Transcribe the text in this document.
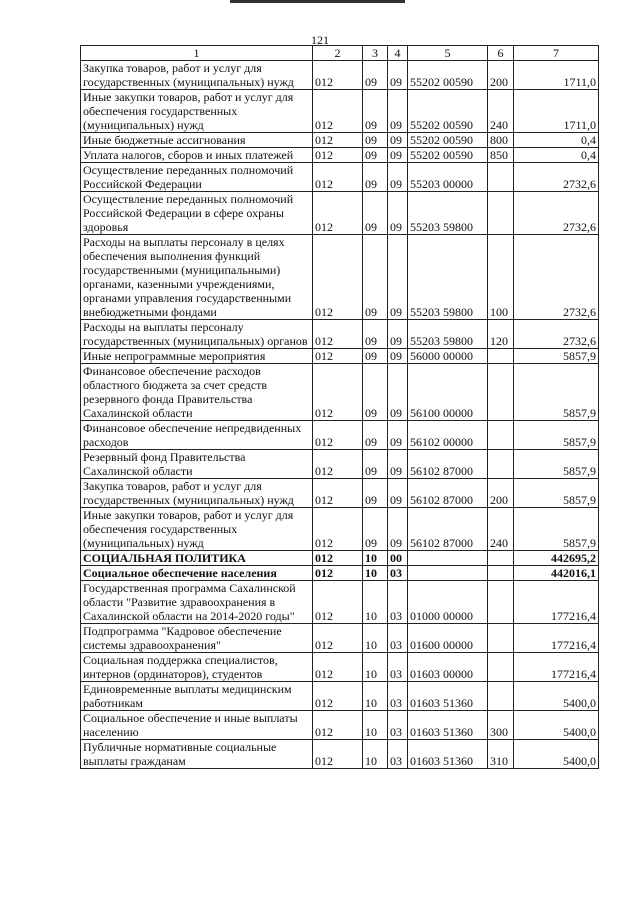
121
1	2	3	4	5	6	7
Закупка товаров, работ и услуг для государственных (муниципальных) нужд	012	09	09	55202 00590	200	1711,0
Иные закупки товаров, работ и услуг для обеспечения государственных (муниципальных) нужд	012	09	09	55202 00590	240	1711,0
Иные бюджетные ассигнования	012	09	09	55202 00590	800	0,4
Уплата налогов, сборов и иных платежей	012	09	09	55202 00590	850	0,4
Осуществление переданных полномочий Российской Федерации	012	09	09	55203 00000		2732,6
Осуществление переданных полномочий Российской Федерации в сфере охраны здоровья	012	09	09	55203 59800		2732,6
Расходы на выплаты персоналу в целях обеспечения выполнения функций государственными (муниципальными) органами, казенными учреждениями, органами управления государственными внебюджетными фондами	012	09	09	55203 59800	100	2732,6
Расходы на выплаты персоналу государственных (муниципальных) органов	012	09	09	55203 59800	120	2732,6
Иные непрограммные мероприятия	012	09	09	56000 00000		5857,9
Финансовое обеспечение расходов областного бюджета за счет средств резервного фонда Правительства Сахалинской области	012	09	09	56100 00000		5857,9
Финансовое обеспечение непредвиденных расходов	012	09	09	56102 00000		5857,9
Резервный фонд Правительства Сахалинской области	012	09	09	56102 87000		5857,9
Закупка товаров, работ и услуг для государственных (муниципальных) нужд	012	09	09	56102 87000	200	5857,9
Иные закупки товаров, работ и услуг для обеспечения государственных (муниципальных) нужд	012	09	09	56102 87000	240	5857,9
СОЦИАЛЬНАЯ ПОЛИТИКА	012	10	00			442695,2
Социальное обеспечение населения	012	10	03			442016,1
Государственная программа Сахалинской области "Развитие здравоохранения в Сахалинской области на 2014-2020 годы"	012	10	03	01000 00000		177216,4
Подпрограмма "Кадровое обеспечение системы здравоохранения"	012	10	03	01600 00000		177216,4
Социальная поддержка специалистов, интернов (ординаторов), студентов	012	10	03	01603 00000		177216,4
Единовременные выплаты медицинским работникам	012	10	03	01603 51360		5400,0
Социальное обеспечение и иные выплаты населению	012	10	03	01603 51360	300	5400,0
Публичные нормативные социальные выплаты гражданам	012	10	03	01603 51360	310	5400,0
